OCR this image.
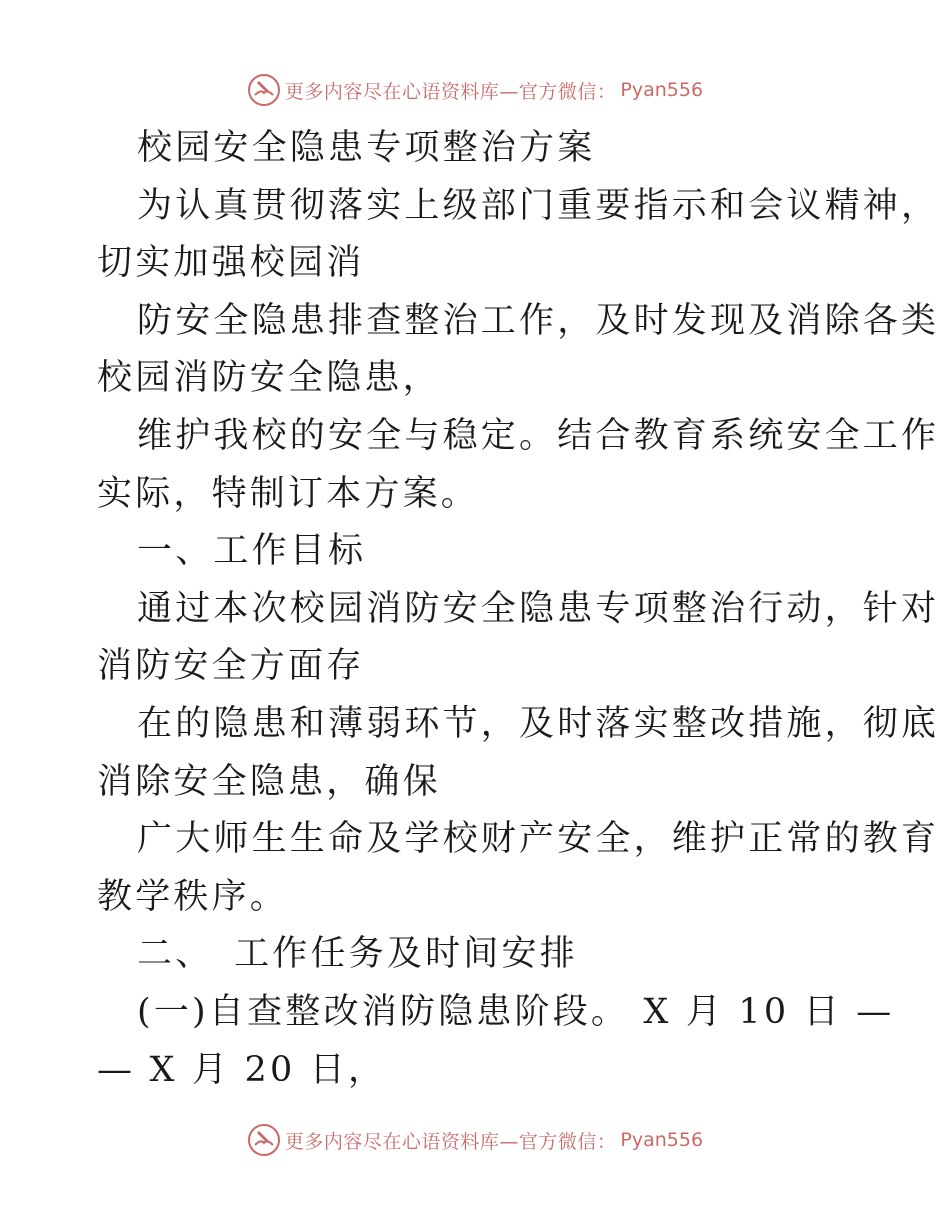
更多内容尽在心语资料库—官方微信： Pyan556
校园安全隐患专项整治方案
为认真贯彻落实上级部门重要指示和会议精神，
切实加强校园消
防安全隐患排查整治工作，及时发现及消除各类
校园消防安全隐患，
维护我校的安全与稳定。结合教育系统安全工作
实际，特制订本方案。
一、工作目标
通过本次校园消防安全隐患专项整治行动，针对
消防安全方面存
在的隐患和薄弱环节，及时落实整改措施，彻底
消除安全隐患，确保
广大师生生命及学校财产安全，维护正常的教育
教学秩序。
二、　工作任务及时间安排
(一)自查整改消防隐患阶段。 X 月 10 日 —
— X 月 20 日，
更多内容尽在心语资料库—官方微信： Pyan556
